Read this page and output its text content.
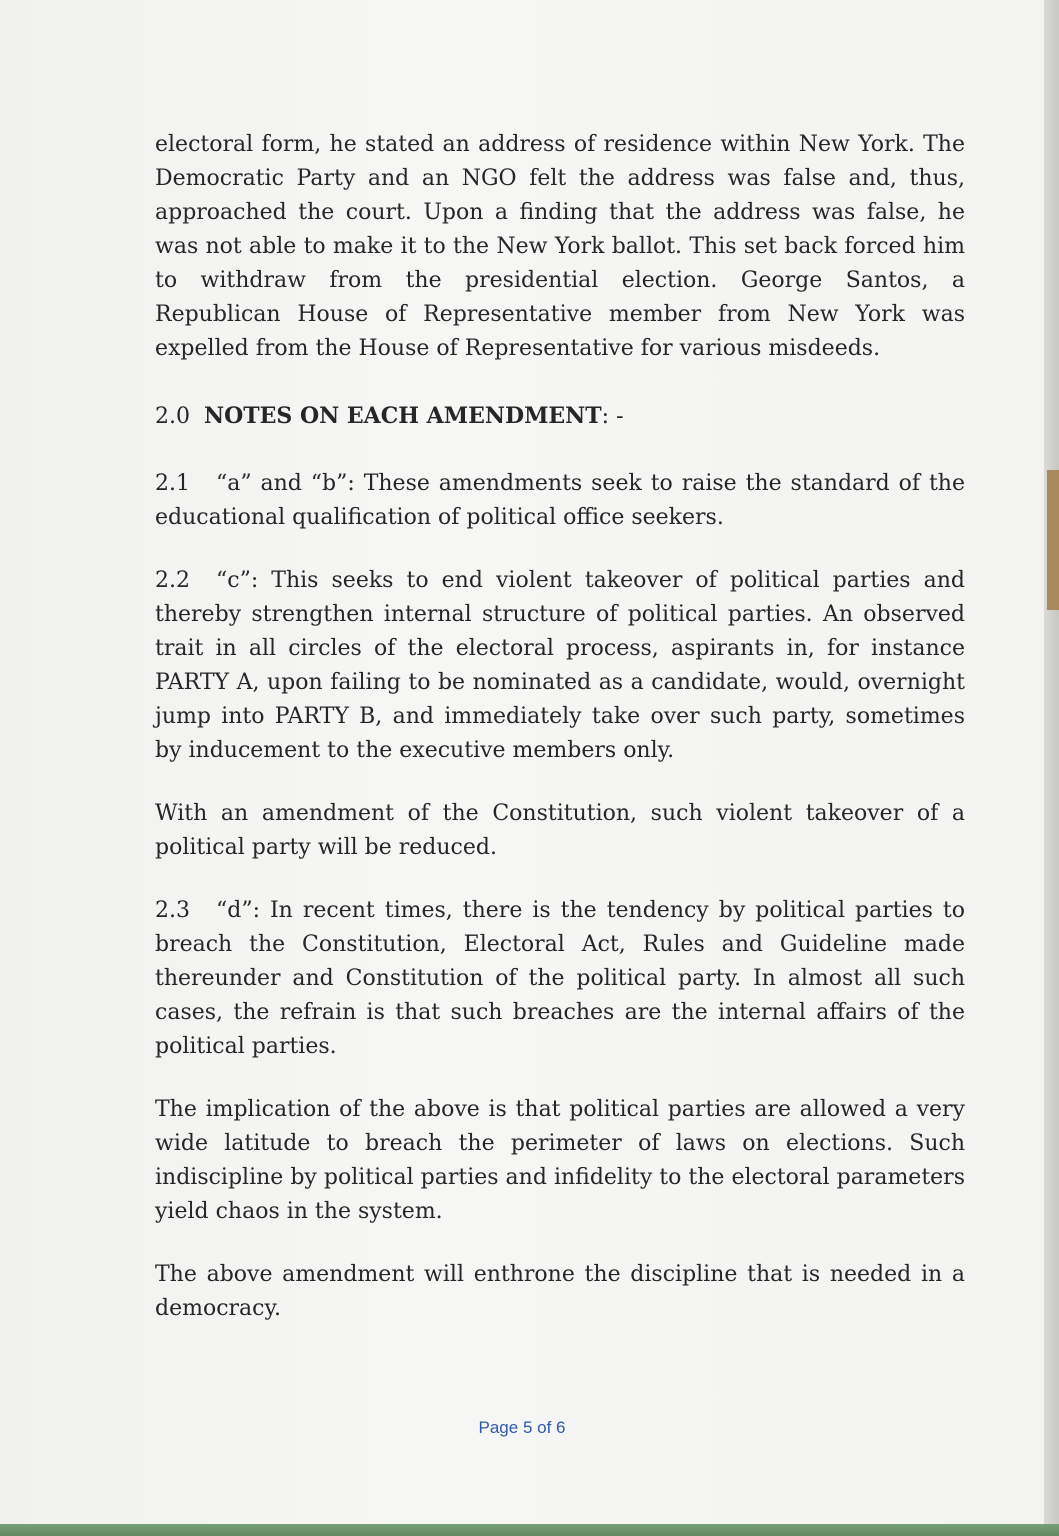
electoral form, he stated an address of residence within New York. The Democratic Party and an NGO felt the address was false and, thus, approached the court. Upon a finding that the address was false, he was not able to make it to the New York ballot. This set back forced him to withdraw from the presidential election. George Santos, a Republican House of Representative member from New York was expelled from the House of Representative for various misdeeds.

2.0 NOTES ON EACH AMENDMENT: -

2.1 “a” and “b”: These amendments seek to raise the standard of the educational qualification of political office seekers.

2.2 “c”: This seeks to end violent takeover of political parties and thereby strengthen internal structure of political parties. An observed trait in all circles of the electoral process, aspirants in, for instance PARTY A, upon failing to be nominated as a candidate, would, overnight jump into PARTY B, and immediately take over such party, sometimes by inducement to the executive members only.

With an amendment of the Constitution, such violent takeover of a political party will be reduced.

2.3 “d”: In recent times, there is the tendency by political parties to breach the Constitution, Electoral Act, Rules and Guideline made thereunder and Constitution of the political party. In almost all such cases, the refrain is that such breaches are the internal affairs of the political parties.

The implication of the above is that political parties are allowed a very wide latitude to breach the perimeter of laws on elections. Such indiscipline by political parties and infidelity to the electoral parameters yield chaos in the system.

The above amendment will enthrone the discipline that is needed in a democracy.

Page 5 of 6
